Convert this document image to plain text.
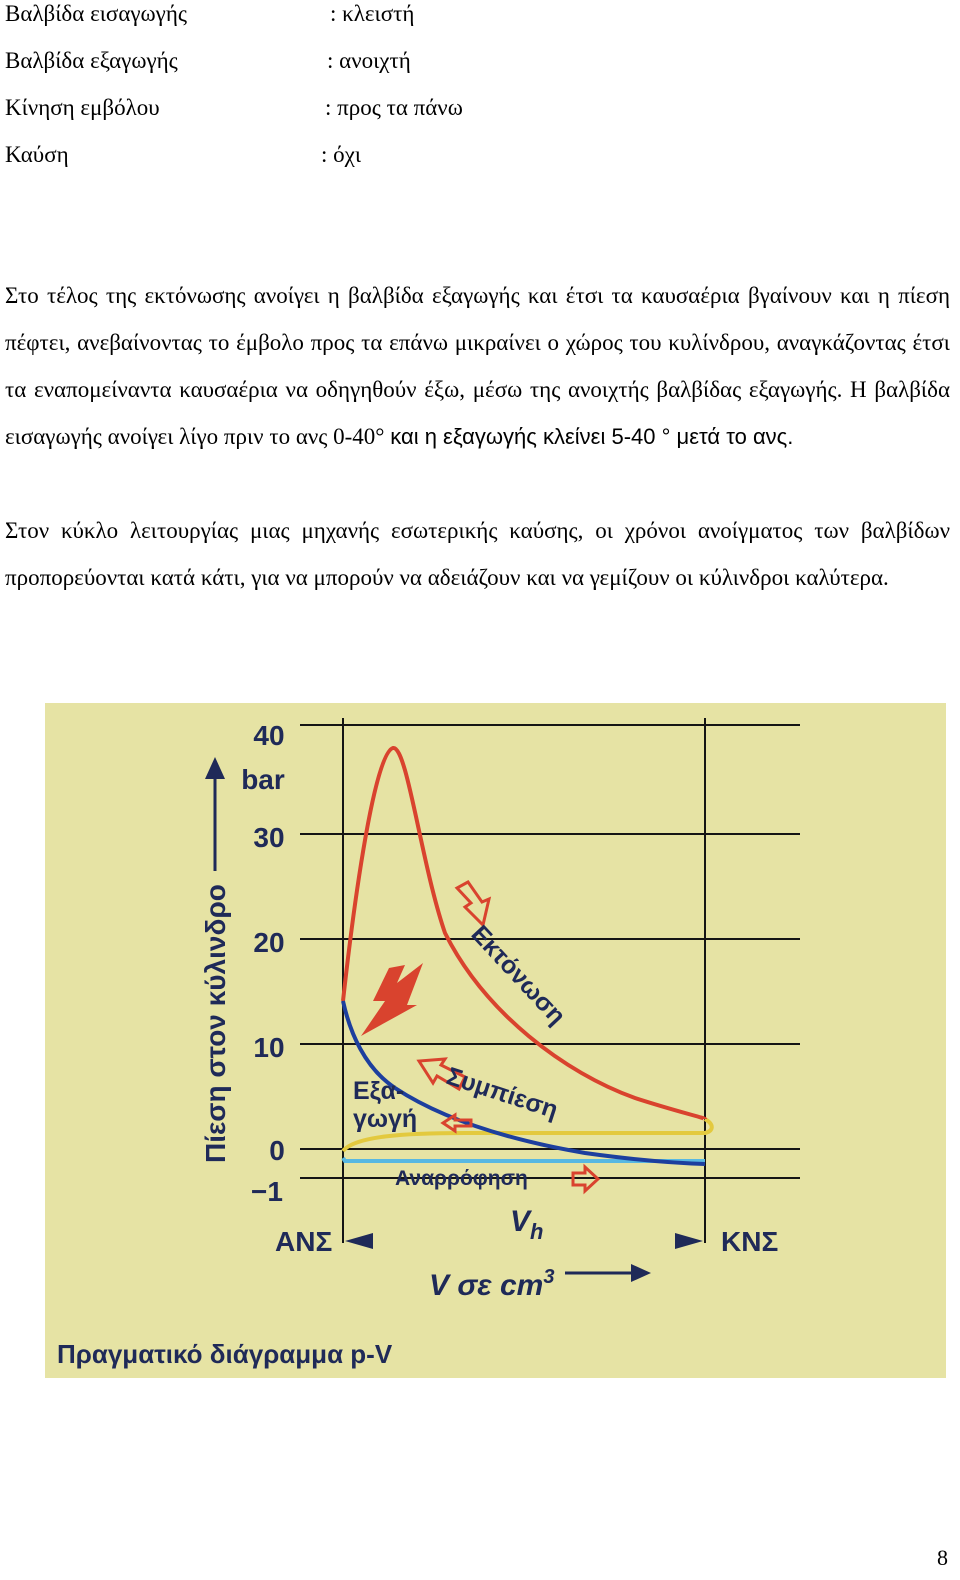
Βαλβίδα εισαγωγής	: κλειστή
Βαλβίδα εξαγωγής	: ανοιχτή
Κίνηση εμβόλου	: προς τα πάνω
Καύση	: όχι

Στο τέλος της εκτόνωσης ανοίγει η βαλβίδα εξαγωγής και έτσι τα καυσαέρια βγαίνουν και η πίεση πέφτει, ανεβαίνοντας το έμβολο προς τα επάνω μικραίνει ο χώρος του κυλίνδρου, αναγκάζοντας έτσι τα εναπομείναντα καυσαέρια να οδηγηθούν έξω, μέσω της ανοιχτής βαλβίδας εξαγωγής. Η βαλβίδα εισαγωγής ανοίγει λίγο πριν το ανς 0-40° και η εξαγωγής κλείνει 5-40 ° μετά το ανς.

Στον κύκλο λειτουργίας μιας μηχανής εσωτερικής καύσης, οι χρόνοι ανοίγματος των βαλβίδων προπορεύονται κατά κάτι, για να μπορούν να αδειάζουν και να γεμίζουν οι κύλινδροι καλύτερα.

40
bar
30
20
10
0
−1
Πίεση στον κύλινδρο	Εκτόνωση
Συμπίεση
Εξα-
γωγή
Αναρρόφηση
ΑΝΣ	ΚΝΣ
$V_h$
V σε $cm^3$
Πραγματικό διάγραμμα p-V
8
